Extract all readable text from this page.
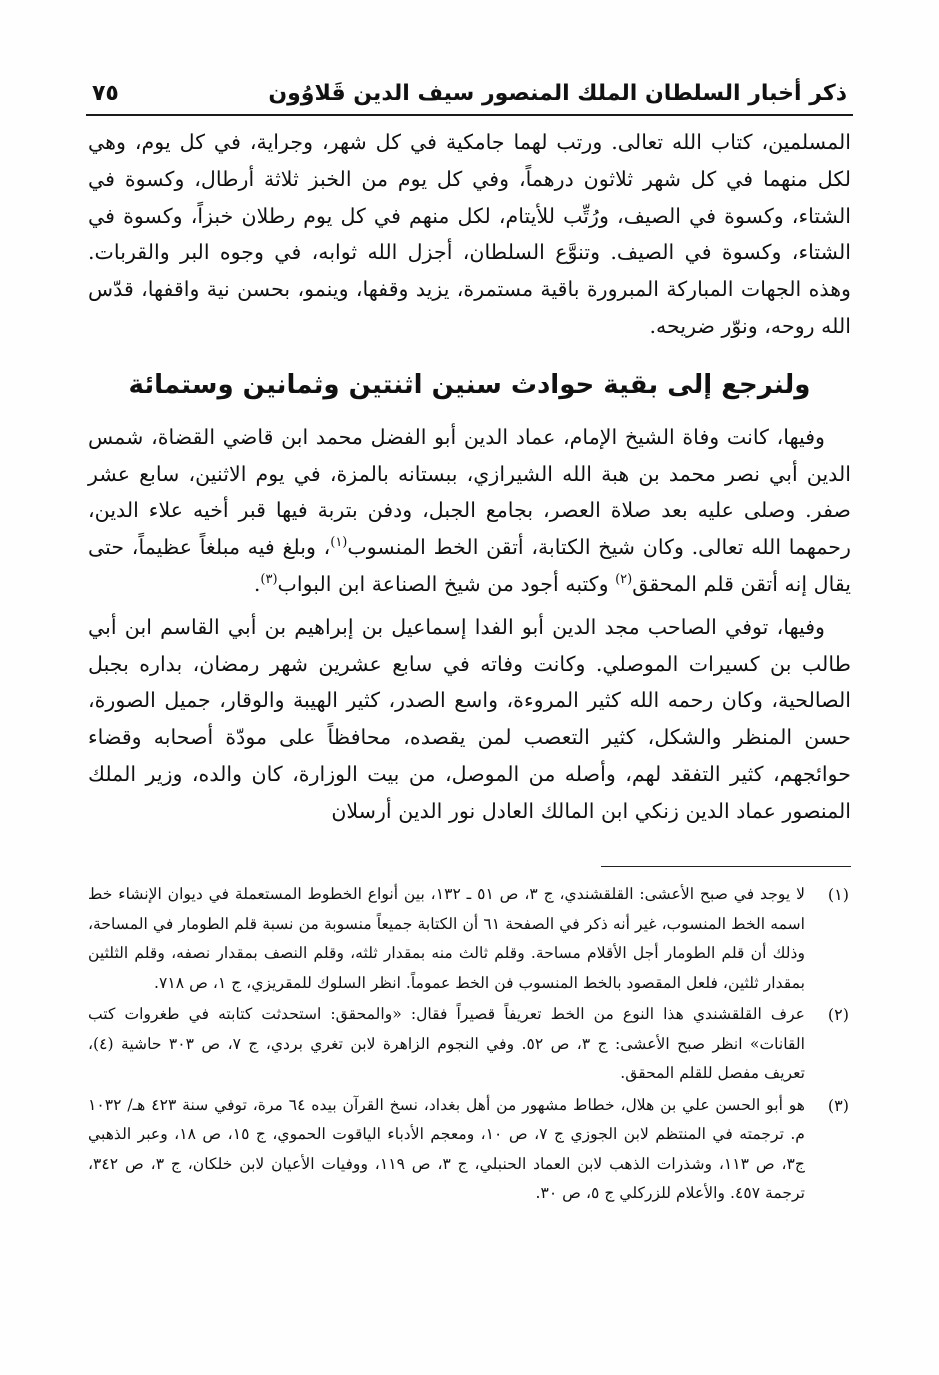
ذكر أخبار السلطان الملك المنصور سيف الدين قَلاوُون
٧٥

المسلمين، كتاب الله تعالى. ورتب لهما جامكية في كل شهر، وجراية، في كل يوم، وهي لكل منهما في كل شهر ثلاثون درهماً، وفي كل يوم من الخبز ثلاثة أرطال، وكسوة في الشتاء، وكسوة في الصيف، ورُتِّب للأيتام، لكل منهم في كل يوم رطلان خبزاً، وكسوة في الشتاء، وكسوة في الصيف. وتنوَّع السلطان، أجزل الله ثوابه، في وجوه البر والقربات. وهذه الجهات المباركة المبرورة باقية مستمرة، يزيد وقفها، وينمو، بحسن نية واقفها، قدّس الله روحه، ونوّر ضريحه.

ولنرجع إلى بقية حوادث سنين اثنتين وثمانين وستمائة

وفيها، كانت وفاة الشيخ الإمام، عماد الدين أبو الفضل محمد ابن قاضي القضاة، شمس الدين أبي نصر محمد بن هبة الله الشيرازي، ببستانه بالمزة، في يوم الاثنين، سابع عشر صفر. وصلى عليه بعد صلاة العصر، بجامع الجبل، ودفن بتربة فيها قبر أخيه علاء الدين، رحمهما الله تعالى. وكان شيخ الكتابة، أتقن الخط المنسوب$^{(١)}$، وبلغ فيه مبلغاً عظيماً، حتى يقال إنه أتقن قلم المحقق$^{(٢)}$ وكتبه أجود من شيخ الصناعة ابن البواب$^{(٣)}$.

وفيها، توفي الصاحب مجد الدين أبو الفدا إسماعيل بن إبراهيم بن أبي القاسم ابن أبي طالب بن كسيرات الموصلي. وكانت وفاته في سابع عشرين شهر رمضان، بداره بجبل الصالحية، وكان رحمه الله كثير المروءة، واسع الصدر، كثير الهيبة والوقار، جميل الصورة، حسن المنظر والشكل، كثير التعصب لمن يقصده، محافظاً على مودّة أصحابه وقضاء حوائجهم، كثير التفقد لهم، وأصله من الموصل، من بيت الوزارة، كان والده، وزير الملك المنصور عماد الدين زنكي ابن المالك العادل نور الدين أرسلان

(١)
لا يوجد في صبح الأعشى: القلقشندي، ج ٣، ص ٥١ ـ ١٣٢، بين أنواع الخطوط المستعملة في ديوان الإنشاء خط اسمه الخط المنسوب، غير أنه ذكر في الصفحة ٦١ أن الكتابة جميعاً منسوبة من نسبة قلم الطومار في المساحة، وذلك أن قلم الطومار أجل الأقلام مساحة. وقلم ثالث منه بمقدار ثلثه، وقلم النصف بمقدار نصفه، وقلم الثلثين بمقدار ثلثين، فلعل المقصود بالخط المنسوب فن الخط عموماً. انظر السلوك للمقريزي، ج ١، ص ٧١٨.
(٢)
عرف القلقشندي هذا النوع من الخط تعريفاً قصيراً فقال: «والمحقق: استحدثت كتابته في طغروات كتب القانات» انظر صبح الأعشى: ج ٣، ص ٥٢. وفي النجوم الزاهرة لابن تغري بردي، ج ٧، ص ٣٠٣ حاشية (٤)، تعريف مفصل للقلم المحقق.
(٣)
هو أبو الحسن علي بن هلال، خطاط مشهور من أهل بغداد، نسخ القرآن بيده ٦٤ مرة، توفي سنة ٤٢٣ هـ/ ١٠٣٢ م. ترجمته في المنتظم لابن الجوزي ج ٧، ص ١٠، ومعجم الأدباء الياقوت الحموي، ج ١٥، ص ١٨، وعبر الذهبي ج٣، ص ١١٣، وشذرات الذهب لابن العماد الحنبلي، ج ٣، ص ١١٩، ووفيات الأعيان لابن خلكان، ج ٣، ص ٣٤٢، ترجمة ٤٥٧. والأعلام للزركلي ج ٥، ص ٣٠.
